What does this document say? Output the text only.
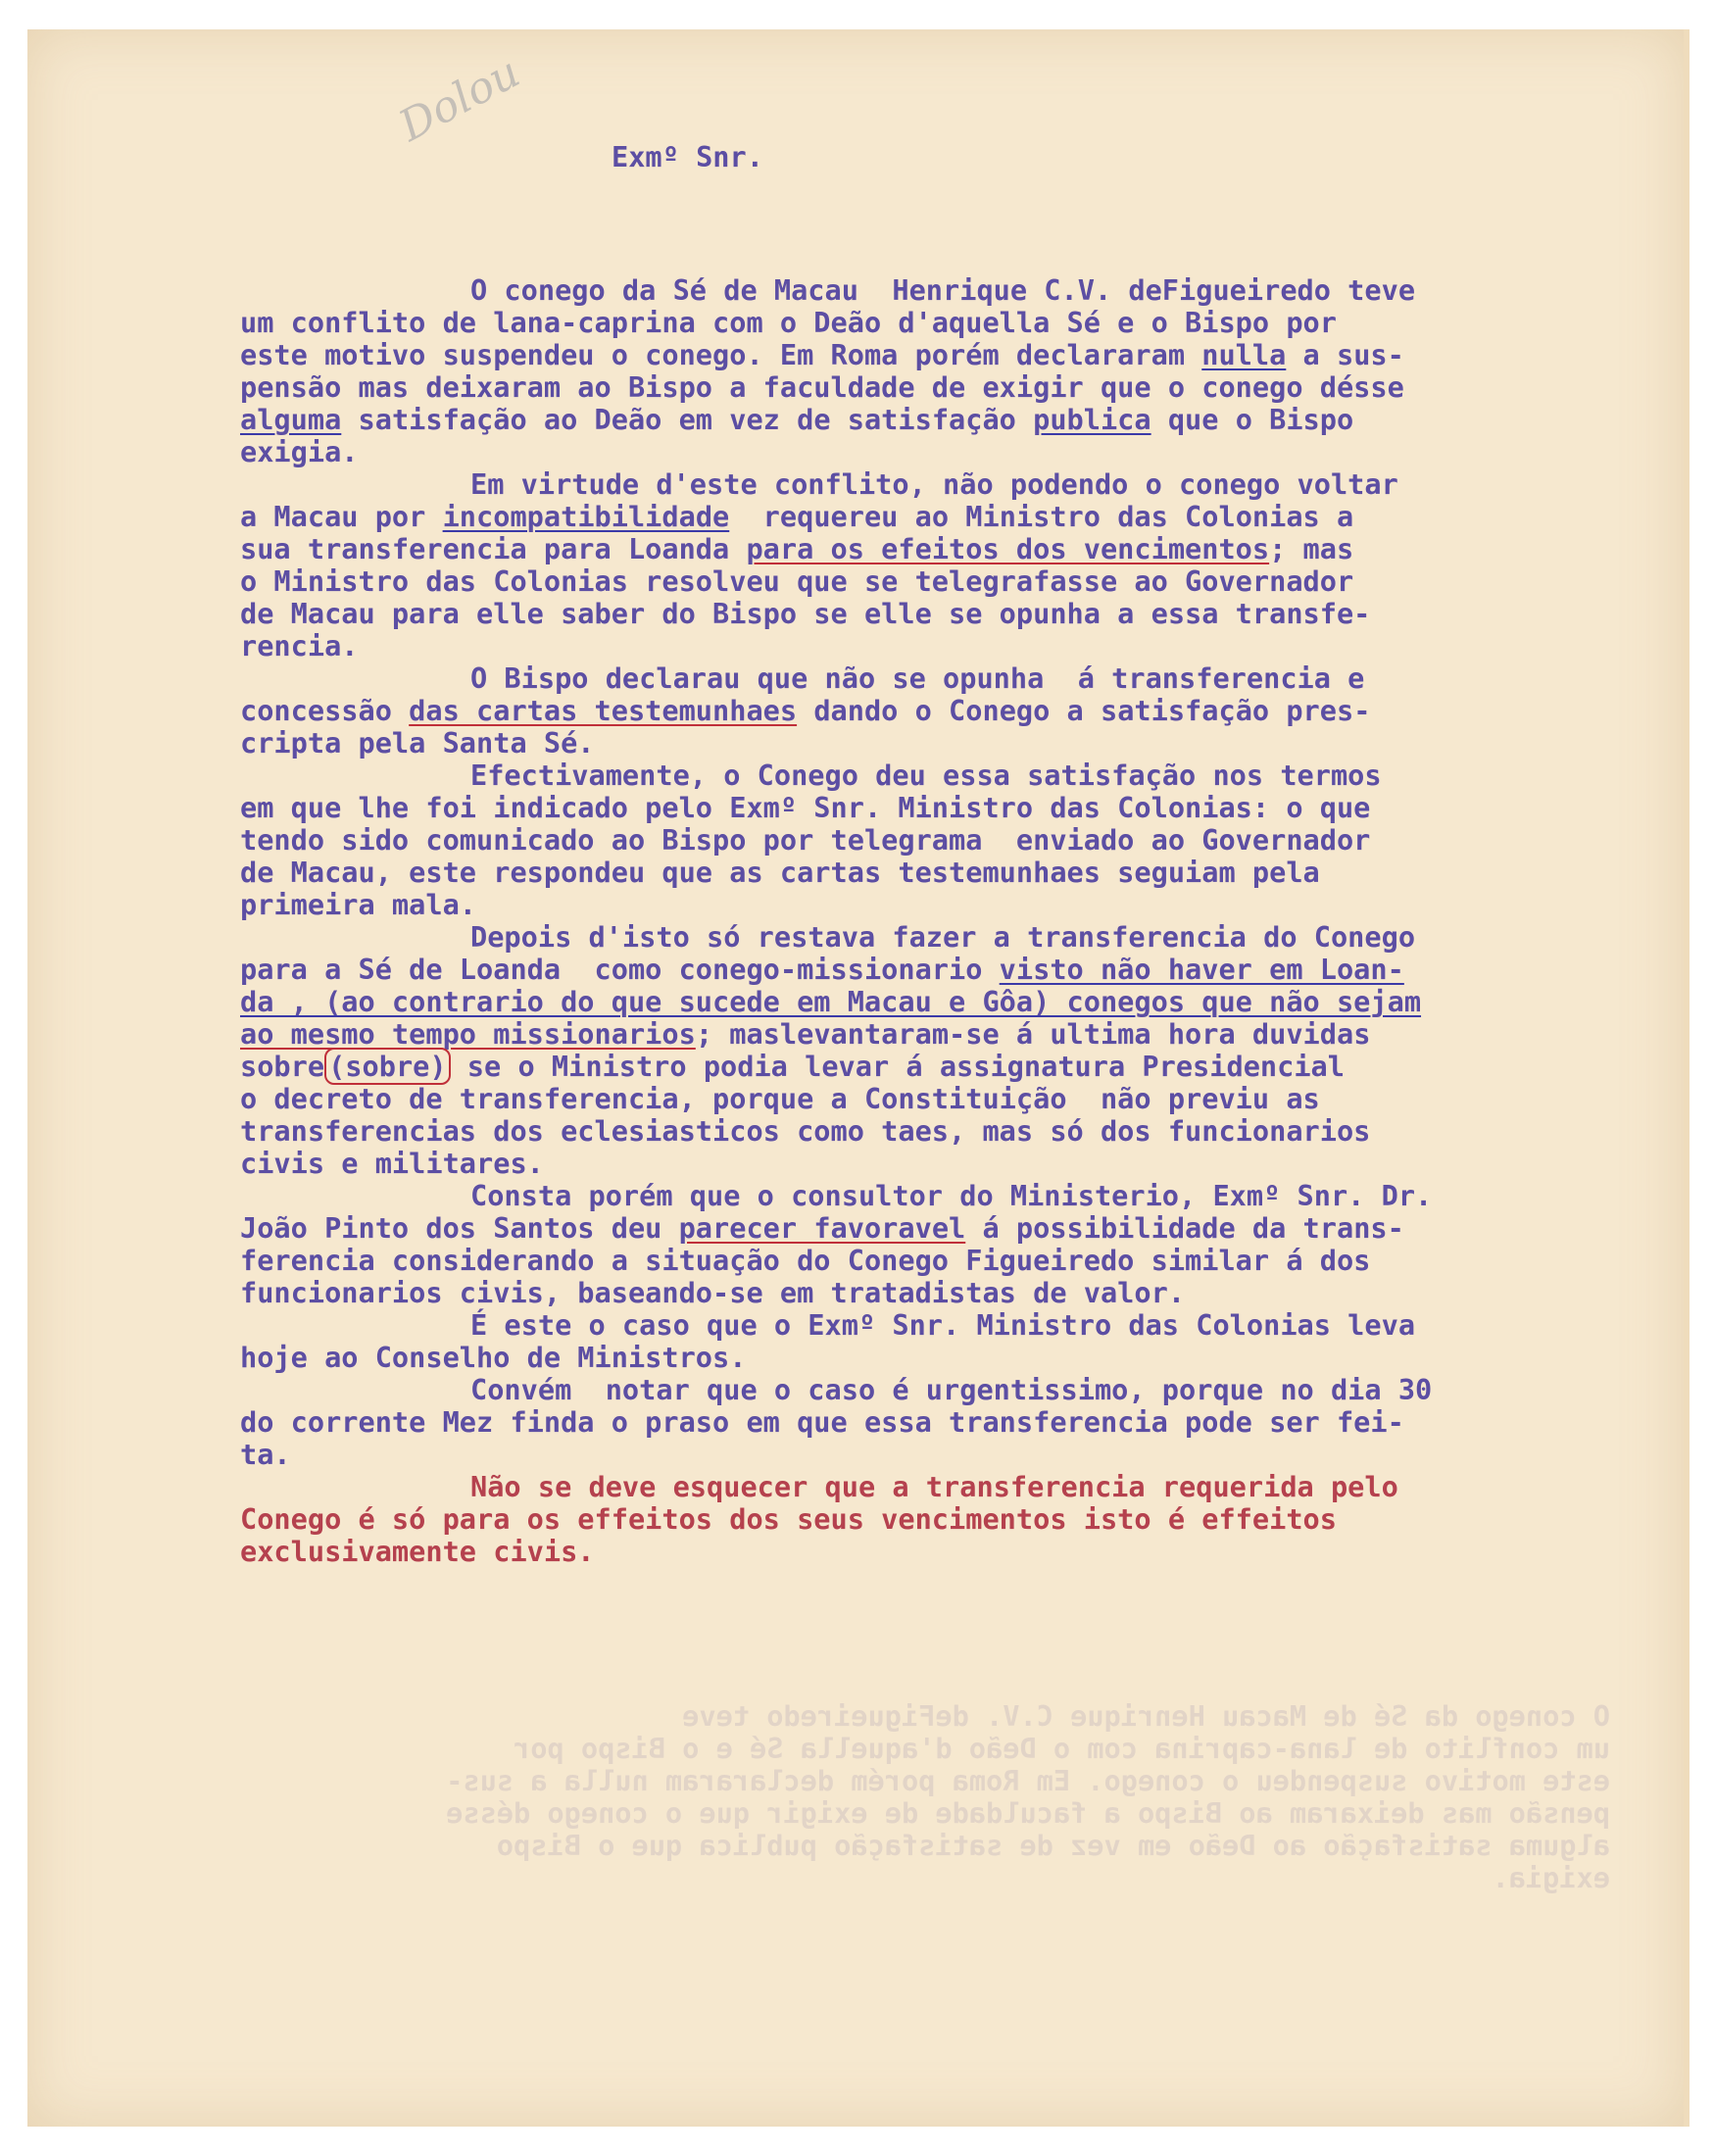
Dolou
O conego da Sé de Macau Henrique C.V. deFigueiredo teve
um conflito de lana-caprina com o Deão d'aquella Sé e o Bispo por
este motivo suspendeu o conego. Em Roma porém declararam nulla a sus-
pensão mas deixaram ao Bispo a faculdade de exigir que o conego désse
alguma satisfação ao Deão em vez de satisfação publica que o Bispo
exigia.

Exmº Snr.

O conego da Sé de Macau  Henrique C.V. deFigueiredo teve

um conflito de lana-caprina com o Deão d'aquella Sé e o Bispo por

este motivo suspendeu o conego. Em Roma porém declararam nulla a sus-

pensão mas deixaram ao Bispo a faculdade de exigir que o conego désse

alguma satisfação ao Deão em vez de satisfação publica que o Bispo

exigia.

Em virtude d'este conflito, não podendo o conego voltar

a Macau por incompatibilidade  requereu ao Ministro das Colonias a

sua transferencia para Loanda para os efeitos dos vencimentos; mas

o Ministro das Colonias resolveu que se telegrafasse ao Governador

de Macau para elle saber do Bispo se elle se opunha a essa transfe-

rencia.

O Bispo declarau que não se opunha  á transferencia e

concessão das cartas testemunhaes dando o Conego a satisfação pres-

cripta pela Santa Sé.

Efectivamente, o Conego deu essa satisfação nos termos

em que lhe foi indicado pelo Exmº Snr. Ministro das Colonias: o que

tendo sido comunicado ao Bispo por telegrama  enviado ao Governador

de Macau, este respondeu que as cartas testemunhaes seguiam pela

primeira mala.

Depois d'isto só restava fazer a transferencia do Conego

para a Sé de Loanda  como conego-missionario visto não haver em Loan-

da , (ao contrario do que sucede em Macau e Gôa) conegos que não sejam

ao mesmo tempo missionarios; maslevantaram-se á ultima hora duvidas

sobre (sobre) se o Ministro podia levar á assignatura Presidencial

o decreto de transferencia, porque a Constituição  não previu as

transferencias dos eclesiasticos como taes, mas só dos funcionarios

civis e militares.

Consta porém que o consultor do Ministerio, Exmº Snr. Dr.

João Pinto dos Santos deu parecer favoravel á possibilidade da trans-

ferencia considerando a situação do Conego Figueiredo similar á dos

funcionarios civis, baseando-se em tratadistas de valor.

É este o caso que o Exmº Snr. Ministro das Colonias leva

hoje ao Conselho de Ministros.

Convém  notar que o caso é urgentissimo, porque no dia 30

do corrente Mez finda o praso em que essa transferencia pode ser fei-

ta.

Não se deve esquecer que a transferencia requerida pelo

Conego é só para os effeitos dos seus vencimentos isto é effeitos

exclusivamente civis.
